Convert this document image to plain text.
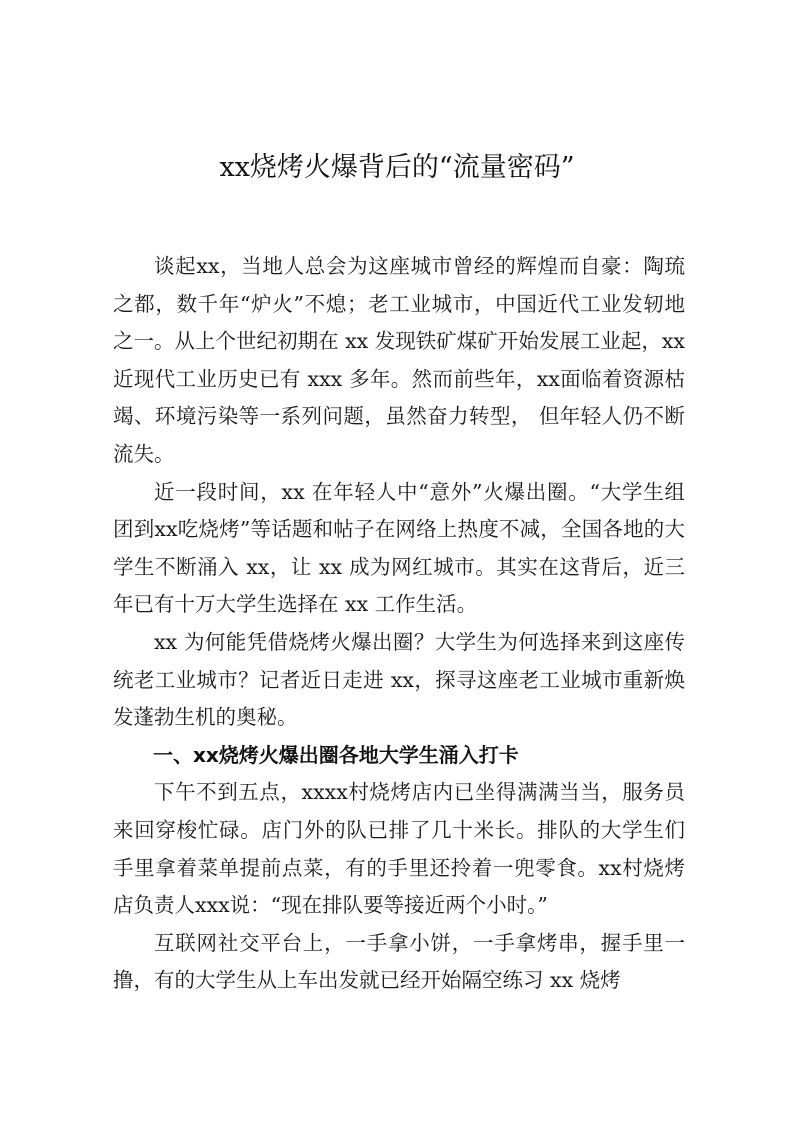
xx烧烤火爆背后的“流量密码”

谈起xx，当地人总会为这座城市曾经的辉煌而自豪：陶琉之都，数千年“炉火”不熄；老工业城市，中国近代工业发轫地之一。从上个世纪初期在 xx 发现铁矿煤矿开始发展工业起，xx近现代工业历史已有 xxx 多年。然而前些年，xx面临着资源枯竭、环境污染等一系列问题，虽然奋力转型， 但年轻人仍不断流失。

近一段时间，xx 在年轻人中“意外”火爆出圈。“大学生组团到xx吃烧烤”等话题和帖子在网络上热度不减，全国各地的大学生不断涌入 xx，让 xx 成为网红城市。其实在这背后，近三年已有十万大学生选择在 xx 工作生活。

xx 为何能凭借烧烤火爆出圈？大学生为何选择来到这座传统老工业城市？记者近日走进 xx，探寻这座老工业城市重新焕发蓬勃生机的奥秘。

一、xx烧烤火爆出圈各地大学生涌入打卡

下午不到五点，xxxx村烧烤店内已坐得满满当当，服务员来回穿梭忙碌。店门外的队已排了几十米长。排队的大学生们手里拿着菜单提前点菜，有的手里还拎着一兜零食。xx村烧烤店负责人xxx说：“现在排队要等接近两个小时。”

互联网社交平台上，一手拿小饼，一手拿烤串，握手里一撸，有的大学生从上车出发就已经开始隔空练习 xx 烧烤
